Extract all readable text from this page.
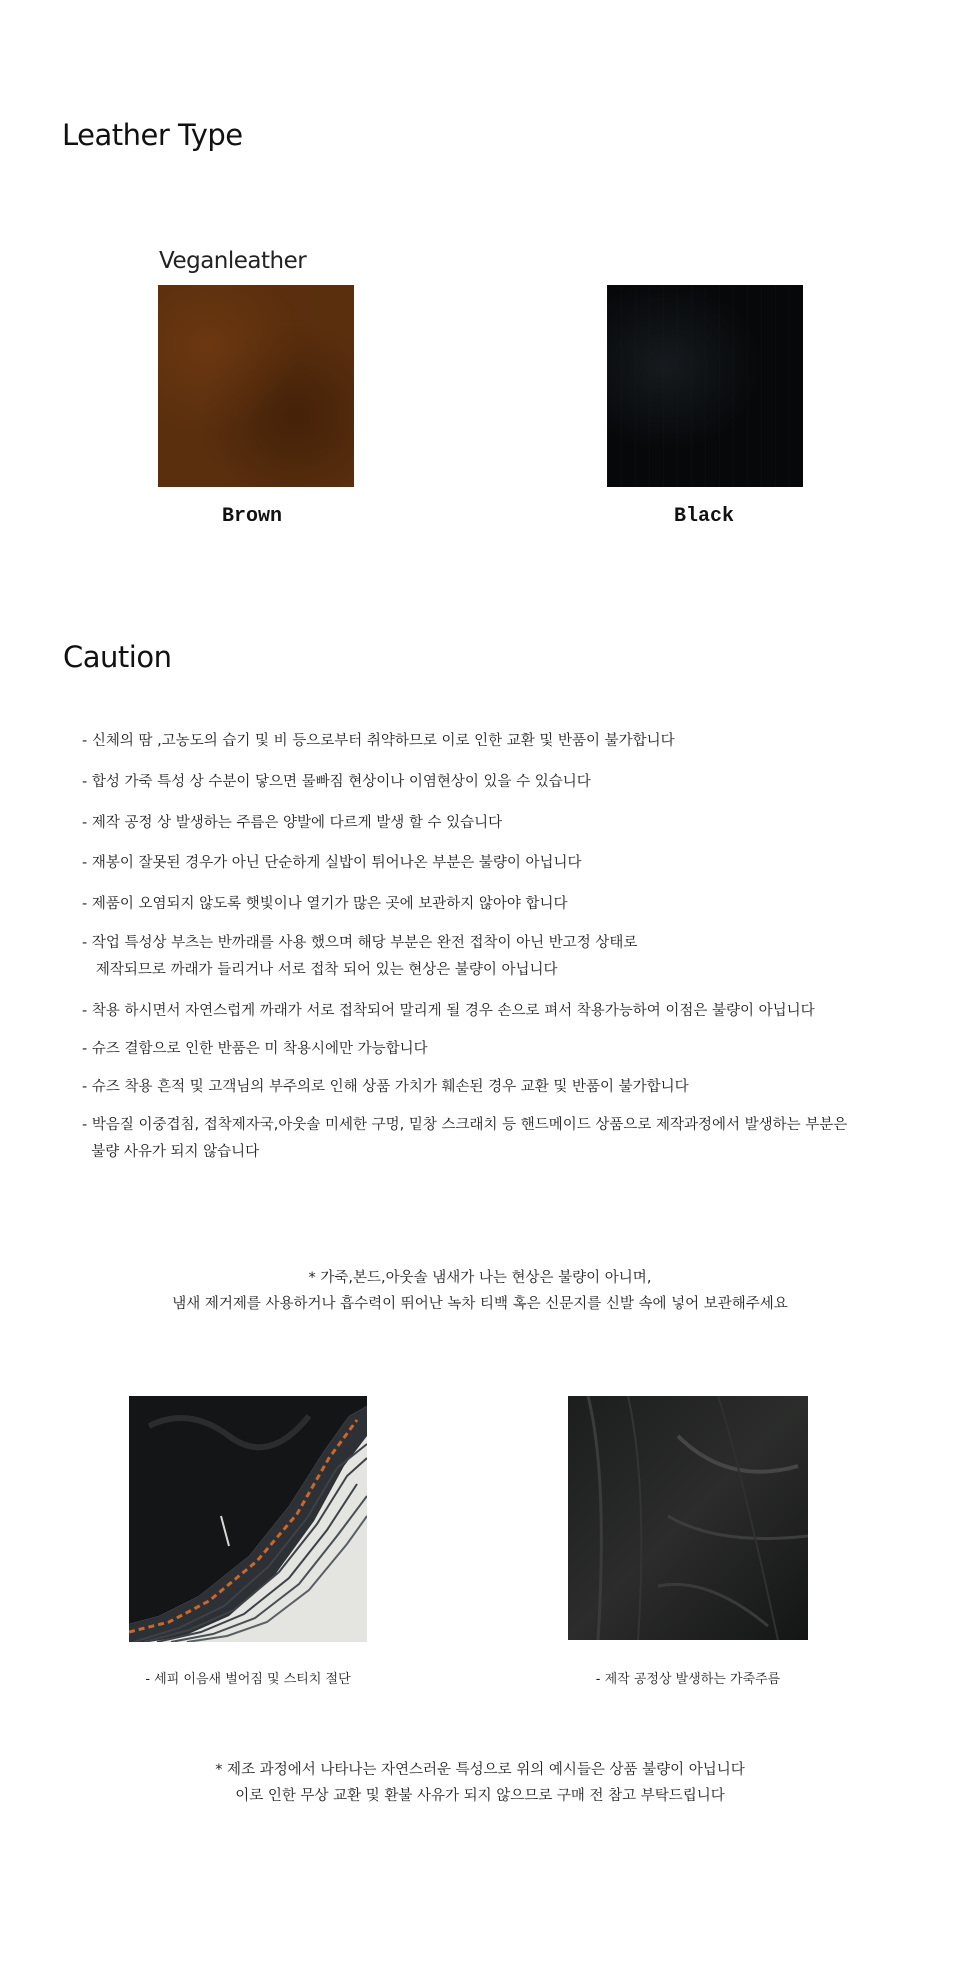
Leather Type
Veganleather
Brown	Black
Caution
- 신체의 땀 ,고농도의 습기 및 비 등으로부터 취약하므로 이로 인한 교환 및 반품이 불가합니다
- 합성 가죽 특성 상 수분이 닿으면 물빠짐 현상이나 이염현상이 있을 수 있습니다
- 제작 공정 상 발생하는 주름은 양발에 다르게 발생 할 수 있습니다
- 재봉이 잘못된 경우가 아닌 단순하게 실밥이 튀어나온 부분은 불량이 아닙니다
- 제품이 오염되지 않도록 햇빛이나 열기가 많은 곳에 보관하지 않아야 합니다
- 작업 특성상 부츠는 반까래를 사용 했으며 해당 부분은 완전 접착이 아닌 반고정 상태로
제작되므로 까래가 들리거나 서로 접착 되어 있는 현상은 불량이 아닙니다
- 착용 하시면서 자연스럽게 까래가 서로 접착되어 말리게 될 경우 손으로 펴서 착용가능하여 이점은 불량이 아닙니다
- 슈즈 결함으로 인한 반품은 미 착용시에만 가능합니다
- 슈즈 착용 흔적 및 고객님의 부주의로 인해 상품 가치가 훼손된 경우 교환 및 반품이 불가합니다
- 박음질 이중겹침, 접착제자국,아웃솔 미세한 구멍, 밑창 스크래치 등 핸드메이드 상품으로 제작과정에서 발생하는 부분은
불량 사유가 되지 않습니다
* 가죽,본드,아웃솔 냄새가 나는 현상은 불량이 아니며,
냄새 제거제를 사용하거나 흡수력이 뛰어난 녹차 티백 혹은 신문지를 신발 속에 넣어 보관해주세요
- 세피 이음새 벌어짐 및 스티치 절단	- 제작 공정상 발생하는 가죽주름
* 제조 과정에서 나타나는 자연스러운 특성으로 위의 예시들은 상품 불량이 아닙니다
이로 인한 무상 교환 및 환불 사유가 되지 않으므로 구매 전 참고 부탁드립니다
